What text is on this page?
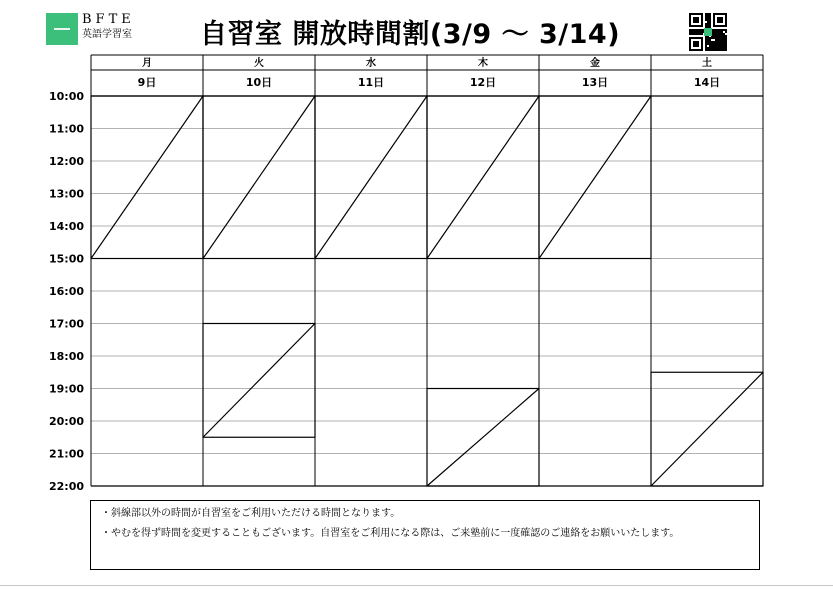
BFTE
英語学習室	自習室 開放時間割(3/9 ～ 3/14)
月
9日
火
10日
水
11日
木
12日
金
13日
土
14日
10:00
11:00
12:00
13:00
14:00
15:00
16:00
17:00
18:00
19:00
20:00
21:00
22:00
・斜線部以外の時間が自習室をご利用いただける時間となります。
・やむを得ず時間を変更することもございます。自習室をご利用になる際は、ご来塾前に一度確認のご連絡をお願いいたします。
